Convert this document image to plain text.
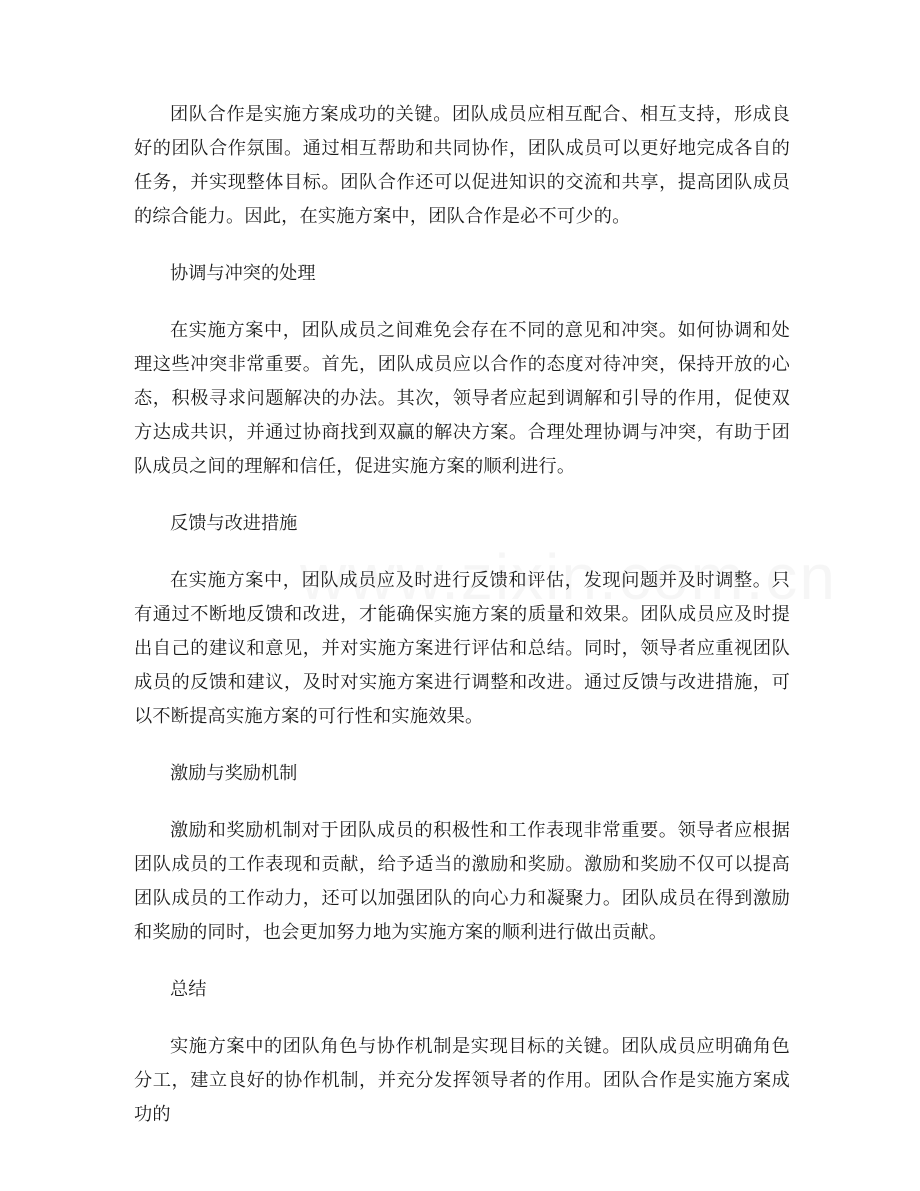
团队合作是实施方案成功的关键。团队成员应相互配合、相互支持，形成良好的团队合作氛围。通过相互帮助和共同协作，团队成员可以更好地完成各自的任务，并实现整体目标。团队合作还可以促进知识的交流和共享，提高团队成员的综合能力。因此，在实施方案中，团队合作是必不可少的。

协调与冲突的处理

在实施方案中，团队成员之间难免会存在不同的意见和冲突。如何协调和处理这些冲突非常重要。首先，团队成员应以合作的态度对待冲突，保持开放的心态，积极寻求问题解决的办法。其次，领导者应起到调解和引导的作用，促使双方达成共识，并通过协商找到双赢的解决方案。合理处理协调与冲突，有助于团队成员之间的理解和信任，促进实施方案的顺利进行。

反馈与改进措施

在实施方案中，团队成员应及时进行反馈和评估，发现问题并及时调整。只有通过不断地反馈和改进，才能确保实施方案的质量和效果。团队成员应及时提出自己的建议和意见，并对实施方案进行评估和总结。同时，领导者应重视团队成员的反馈和建议，及时对实施方案进行调整和改进。通过反馈与改进措施，可以不断提高实施方案的可行性和实施效果。

激励与奖励机制

激励和奖励机制对于团队成员的积极性和工作表现非常重要。领导者应根据团队成员的工作表现和贡献，给予适当的激励和奖励。激励和奖励不仅可以提高团队成员的工作动力，还可以加强团队的向心力和凝聚力。团队成员在得到激励和奖励的同时，也会更加努力地为实施方案的顺利进行做出贡献。

总结

实施方案中的团队角色与协作机制是实现目标的关键。团队成员应明确角色分工，建立良好的协作机制，并充分发挥领导者的作用。团队合作是实施方案成功的
